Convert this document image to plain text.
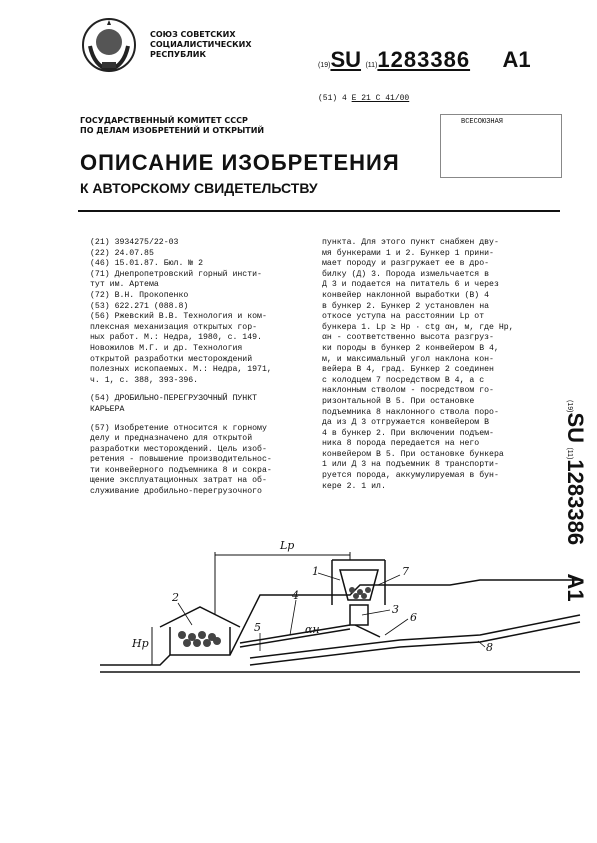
СОЮЗ СОВЕТСКИХ
СОЦИАЛИСТИЧЕСКИХ
РЕСПУБЛИК
(19)SU (11)1283386 A1
(51) 4 E 21 C 41/00
ГОСУДАРСТВЕННЫЙ КОМИТЕТ СССР
ПО ДЕЛАМ ИЗОБРЕТЕНИЙ И ОТКРЫТИЙ
ВСЕСОЮЗНАЯ
ОПИСАНИЕ ИЗОБРЕТЕНИЯ
К АВТОРСКОМУ СВИДЕТЕЛЬСТВУ
(21) 3934275/22-03
(22) 24.07.85
(46) 15.01.87. Бюл. № 2
(71) Днепропетровский горный инсти-
тут им. Артема
(72) В.Н. Прокопенко
(53) 622.271 (088.8)
(56) Ржевский В.В. Технология и ком-
плексная механизация открытых гор-
ных работ. М.: Недра, 1980, с. 149.
Новожилов М.Г. и др. Технология
открытой разработки месторождений
полезных ископаемых. М.: Недра, 1971,
ч. 1, с. 388, 393-396.
(54) ДРОБИЛЬНО-ПЕРЕГРУЗОЧНЫЙ ПУНКТ
КАРЬЕРА
(57) Изобретение относится к горному
делу и предназначено для открытой
разработки месторождений. Цель изоб-
ретения - повышение производительнос-
ти конвейерного подъемника 8 и сокра-
щение эксплуатационных затрат на об-
служивание дробильно-перегрузочного
пункта. Для этого пункт снабжен дву-
мя бункерами 1 и 2. Бункер 1 прини-
мает породу и разгружает ее в дро-
билку (Д) 3. Порода измельчается в
Д 3 и подается на питатель 6 и через
конвейер наклонной выработки (В) 4
в бункер 2. Бункер 2 установлен на
откосе уступа на расстоянии Lр от
бункера 1. Lр ≥ Hр · ctg αн, м, где Hр,
αн - соответственно высота разгруз-
ки породы в бункер 2 конвейером В 4,
м, и максимальный угол наклона кон-
вейера В 4, град. Бункер 2 соединен
с колодцем 7 посредством В 4, а с
наклонным стволом - посредством го-
ризонтальной В 5. При остановке
подъемника 8 наклонного ствола поро-
да из Д 3 отгружается конвейером В
4 в бункер 2. При включении подъем-
ника 8 порода передается на него
конвейером В 5. При остановке бункера
1 или Д 3 на подъемник 8 транспорти-
руется порода, аккумулируемая в бун-
кере 2. 1 ил.
(19)SU (11)1283386 A1
Lр
Hр
αн
1
2
3
4
5
6
7
8
